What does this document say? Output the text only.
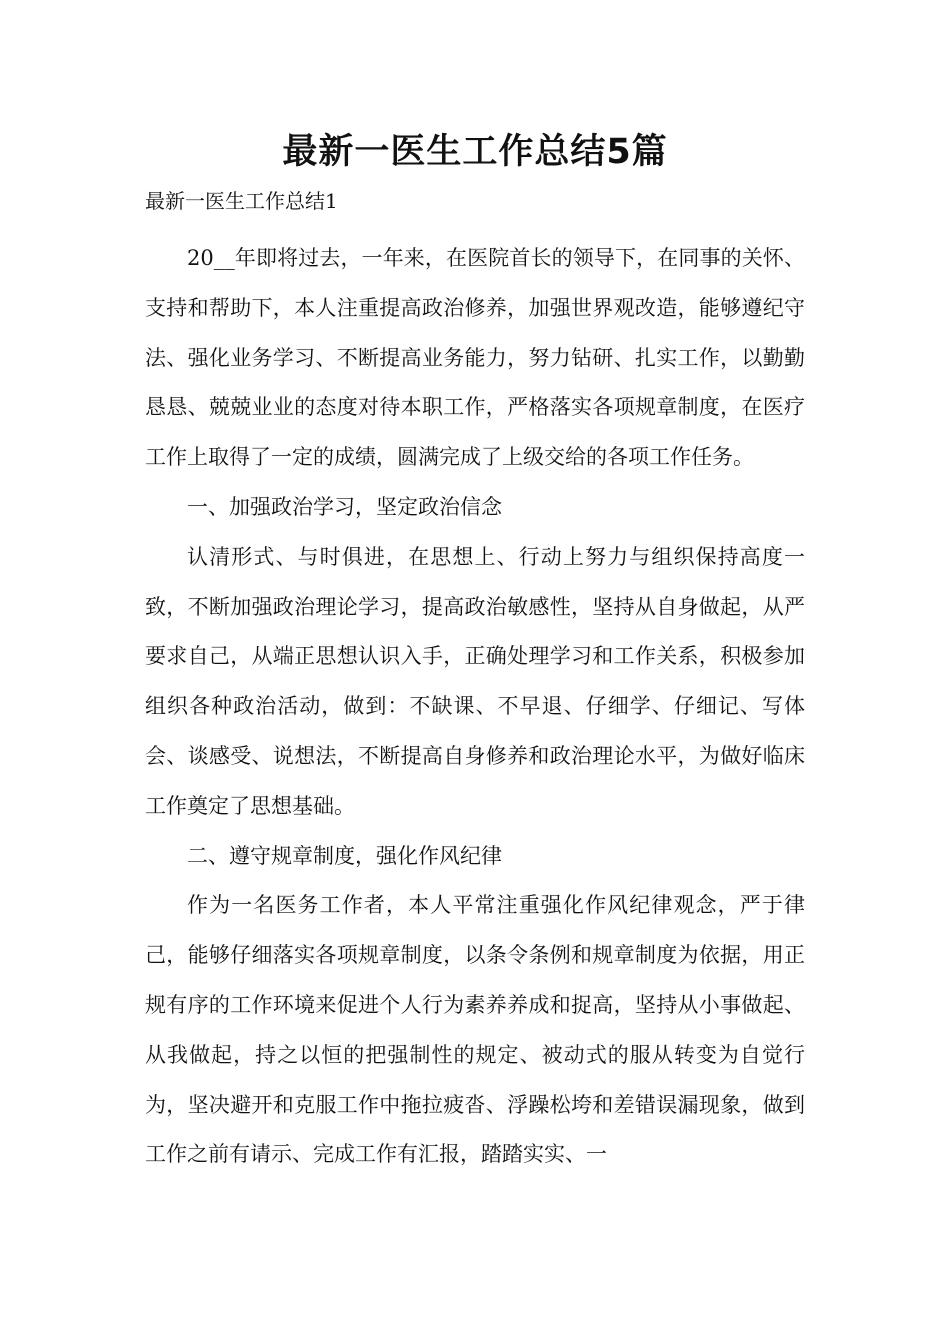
最新一医生工作总结5篇
最新一医生工作总结1

20__年即将过去，一年来，在医院首长的领导下，在同事的关怀、支持和帮助下，本人注重提高政治修养，加强世界观改造，能够遵纪守法、强化业务学习、不断提高业务能力，努力钻研、扎实工作，以勤勤恳恳、兢兢业业的态度对待本职工作，严格落实各项规章制度，在医疗工作上取得了一定的成绩，圆满完成了上级交给的各项工作任务。

一、加强政治学习，坚定政治信念

认清形式、与时俱进，在思想上、行动上努力与组织保持高度一致，不断加强政治理论学习，提高政治敏感性，坚持从自身做起，从严要求自己，从端正思想认识入手，正确处理学习和工作关系，积极参加组织各种政治活动，做到：不缺课、不早退、仔细学、仔细记、写体会、谈感受、说想法，不断提高自身修养和政治理论水平，为做好临床工作奠定了思想基础。

二、遵守规章制度，强化作风纪律

作为一名医务工作者，本人平常注重强化作风纪律观念，严于律己，能够仔细落实各项规章制度，以条令条例和规章制度为依据，用正规有序的工作环境来促进个人行为素养养成和捉高，坚持从小事做起、从我做起，持之以恒的把强制性的规定、被动式的服从转变为自觉行为，坚决避开和克服工作中拖拉疲沓、浮躁松垮和差错误漏现象，做到工作之前有请示、完成工作有汇报，踏踏实实、一
